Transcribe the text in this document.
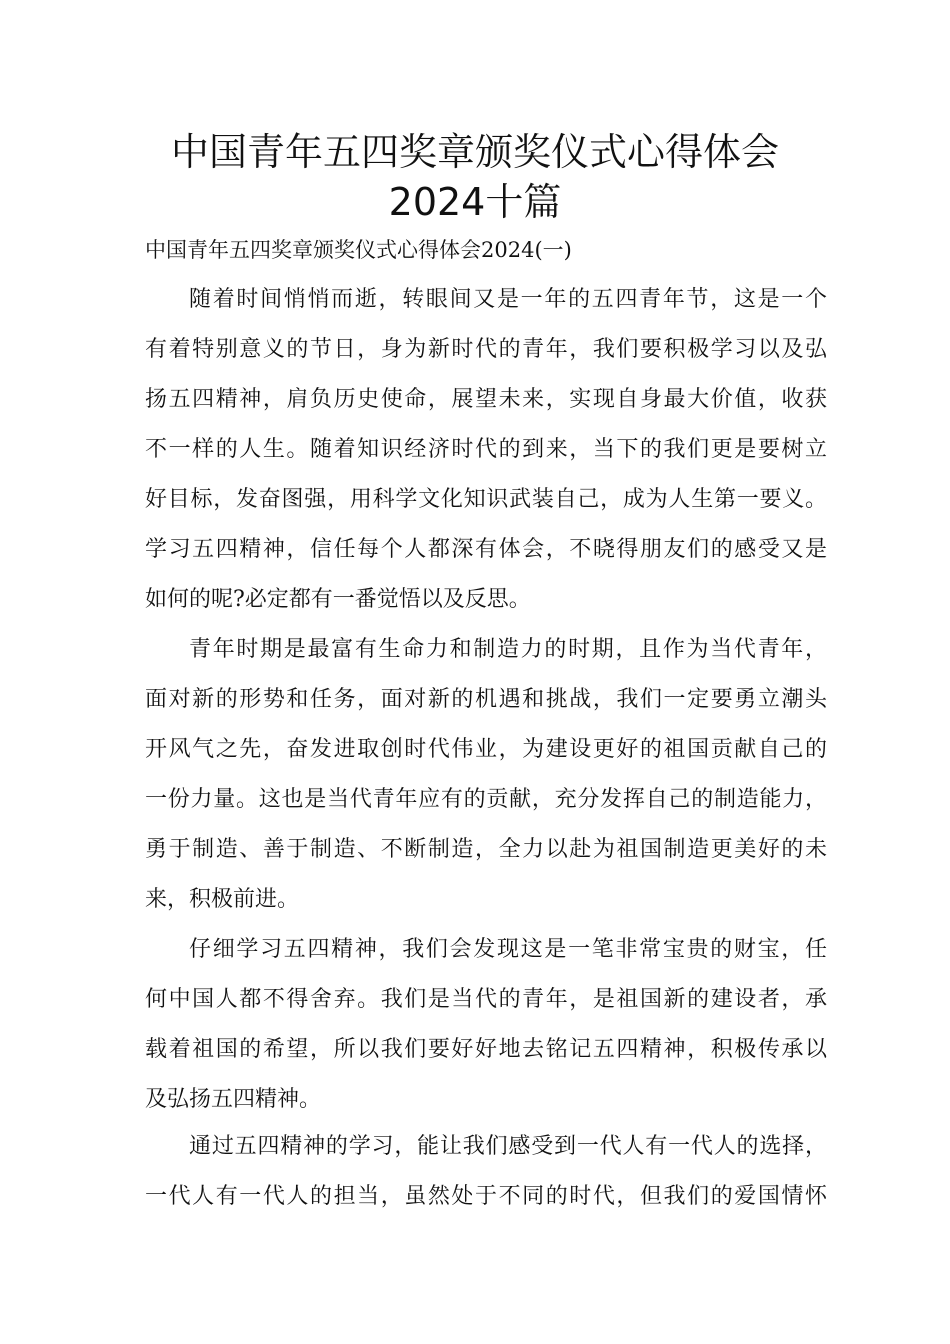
中国青年五四奖章颁奖仪式心得体会
2024十篇
中国青年五四奖章颁奖仪式心得体会2024(一)
随着时间悄悄而逝，转眼间又是一年的五四青年节，这是一个
有着特别意义的节日，身为新时代的青年，我们要积极学习以及弘
扬五四精神，肩负历史使命，展望未来，实现自身最大价值，收获
不一样的人生。随着知识经济时代的到来，当下的我们更是要树立
好目标，发奋图强，用科学文化知识武装自己，成为人生第一要义。
学习五四精神，信任每个人都深有体会，不晓得朋友们的感受又是
如何的呢?必定都有一番觉悟以及反思。
青年时期是最富有生命力和制造力的时期，且作为当代青年，
面对新的形势和任务，面对新的机遇和挑战，我们一定要勇立潮头
开风气之先，奋发进取创时代伟业，为建设更好的祖国贡献自己的
一份力量。这也是当代青年应有的贡献，充分发挥自己的制造能力，
勇于制造、善于制造、不断制造，全力以赴为祖国制造更美好的未
来，积极前进。
仔细学习五四精神，我们会发现这是一笔非常宝贵的财宝，任
何中国人都不得舍弃。我们是当代的青年，是祖国新的建设者，承
载着祖国的希望，所以我们要好好地去铭记五四精神，积极传承以
及弘扬五四精神。
通过五四精神的学习，能让我们感受到一代人有一代人的选择，
一代人有一代人的担当，虽然处于不同的时代，但我们的爱国情怀
